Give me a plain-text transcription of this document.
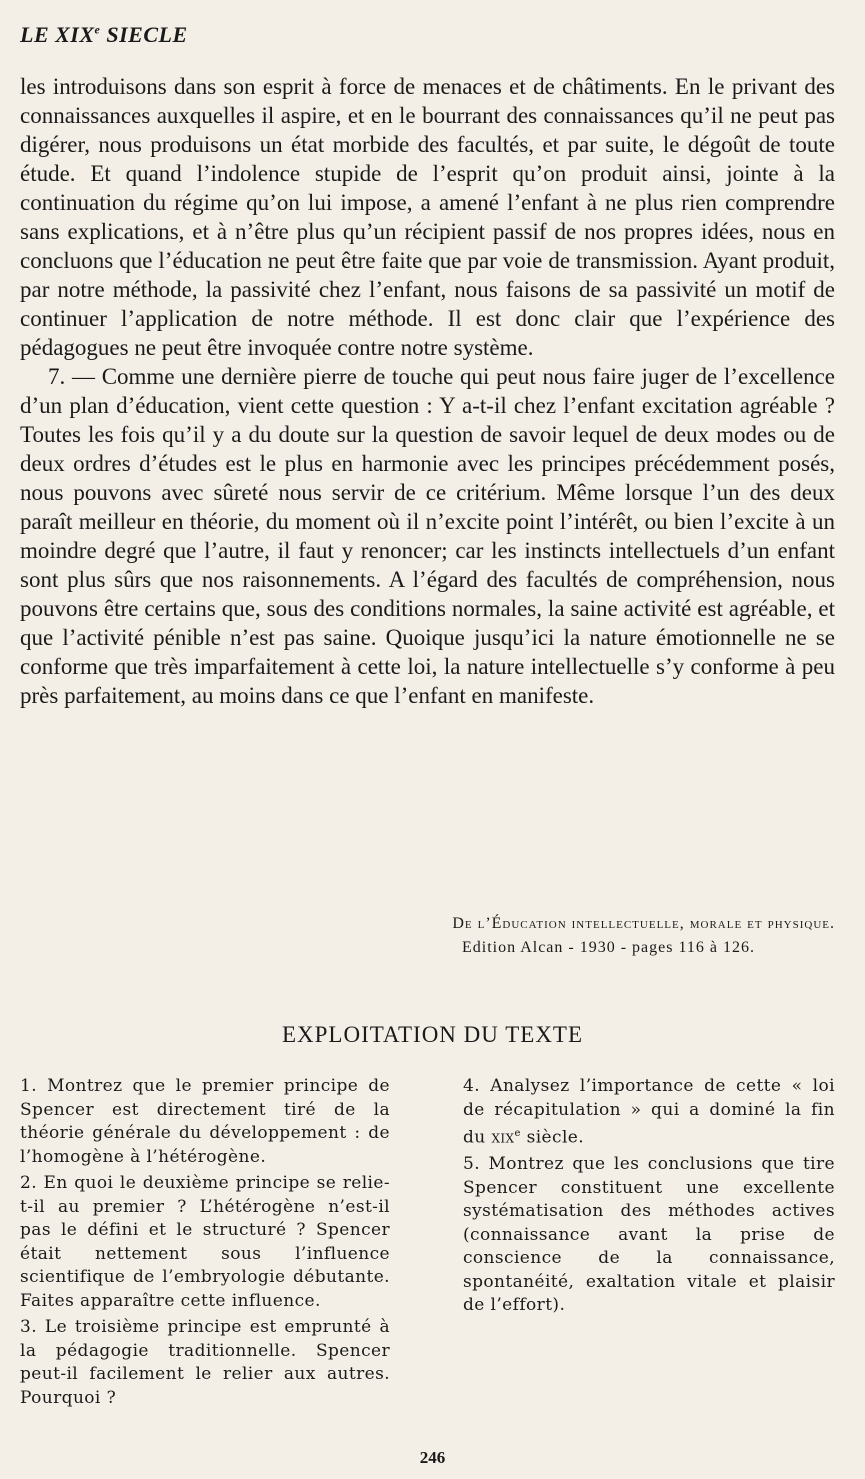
LE XIXe SIECLE

les introduisons dans son esprit à force de menaces et de châtiments. En le privant des connaissances auxquelles il aspire, et en le bourrant des connaissances qu’il ne peut pas digérer, nous produisons un état morbide des facultés, et par suite, le dégoût de toute étude. Et quand l’indolence stupide de l’esprit qu’on produit ainsi, jointe à la continuation du régime qu’on lui impose, a amené l’enfant à ne plus rien comprendre sans explications, et à n’être plus qu’un récipient passif de nos propres idées, nous en concluons que l’éducation ne peut être faite que par voie de transmission. Ayant produit, par notre méthode, la passivité chez l’enfant, nous faisons de sa passivité un motif de continuer l’application de notre méthode. Il est donc clair que l’expérience des pédagogues ne peut être invoquée contre notre système.

7. — Comme une dernière pierre de touche qui peut nous faire juger de l’excellence d’un plan d’éducation, vient cette question : Y a-t-il chez l’enfant excitation agréable ? Toutes les fois qu’il y a du doute sur la question de savoir lequel de deux modes ou de deux ordres d’études est le plus en harmonie avec les principes précédemment posés, nous pouvons avec sûreté nous servir de ce critérium. Même lorsque l’un des deux paraît meilleur en théorie, du moment où il n’excite point l’intérêt, ou bien l’excite à un moindre degré que l’autre, il faut y renoncer; car les instincts intellectuels d’un enfant sont plus sûrs que nos raisonnements. A l’égard des facultés de compréhension, nous pouvons être certains que, sous des conditions normales, la saine activité est agréable, et que l’activité pénible n’est pas saine. Quoique jusqu’ici la nature émotionnelle ne se conforme que très imparfaitement à cette loi, la nature intellectuelle s’y conforme à peu près parfaitement, au moins dans ce que l’enfant en manifeste.

De l’Éducation intellectuelle, morale et physique.
Edition Alcan - 1930 - pages 116 à 126.
EXPLOITATION DU TEXTE

1. Montrez que le premier principe de Spencer est directement tiré de la théorie générale du développement : de l’homogène à l’hétérogène.

2. En quoi le deuxième principe se relie-t-il au premier ? L’hétérogène n’est-il pas le défini et le structuré ? Spencer était nettement sous l’influence scientifique de l’embryologie débutante. Faites apparaître cette influence.

3. Le troisième principe est emprunté à la pédagogie traditionnelle. Spencer peut-il facilement le relier aux autres. Pourquoi ?

4. Analysez l’importance de cette « loi de récapitulation » qui a dominé la fin du xix$^e$ siècle.

5. Montrez que les conclusions que tire Spencer constituent une excellente systématisation des méthodes actives (connaissance avant la prise de conscience de la connaissance, spontanéité, exaltation vitale et plaisir de l’effort).

246
